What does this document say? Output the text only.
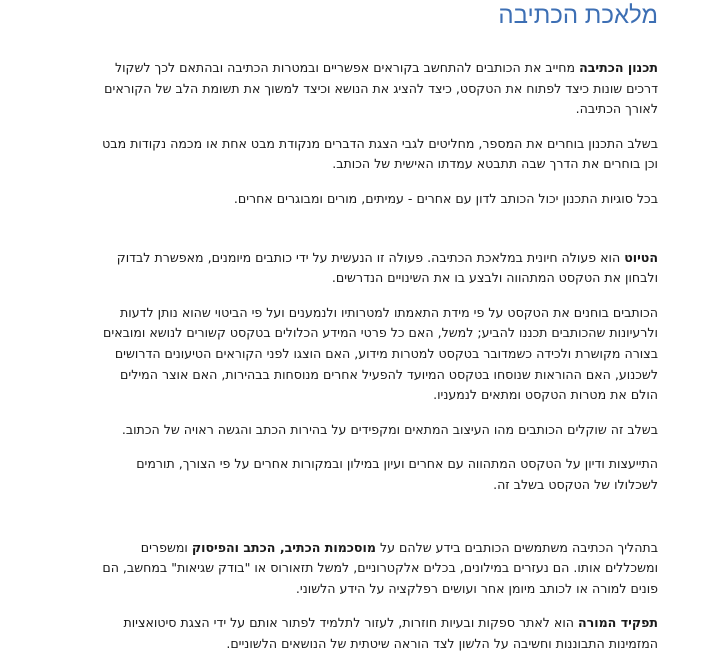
מלאכת הכתיבה

תכנון הכתיבה מחייב את הכותבים להתחשב בקוראים אפשריים ובמטרות הכתיבה ובהתאם לכך לשקול דרכים שונות כיצד לפתוח את הטקסט, כיצד להציג את הנושא וכיצד למשוך את תשומת הלב של הקוראים לאורך הכתיבה.

בשלב התכנון בוחרים את המספר, מחליטים לגבי הצגת הדברים מנקודת מבט אחת או מכמה נקודות מבט וכן בוחרים את הדרך שבה תתבטא עמדתו האישית של הכותב.

בכל סוגיות התכנון יכול הכותב לדון עם אחרים - עמיתים, מורים ומבוגרים אחרים.

הטיוט הוא פעולה חיונית במלאכת הכתיבה. פעולה זו הנעשית על ידי כותבים מיומנים, מאפשרת לבדוק ולבחון את הטקסט המתהווה ולבצע בו את השינויים הנדרשים.

הכותבים בוחנים את הטקסט על פי מידת התאמתו למטרותיו ולנמענים ועל פי הביטוי שהוא נותן לדעות ולרעיונות שהכותבים תכננו להביע; למשל, האם כל פרטי המידע הכלולים בטקסט קשורים לנושא ומובאים בצורה מקושרת ולכידה כשמדובר בטקסט למטרות מידוע, האם הוצגו לפני הקוראים הטיעונים הדרושים לשכנוע, האם ההוראות שנוסחו בטקסט המיועד להפעיל אחרים מנוסחות בבהירות, האם אוצר המילים הולם את מטרות הטקסט ומתאים לנמעניו.

בשלב זה שוקלים הכותבים מהו העיצוב המתאים ומקפידים על בהירות הכתב והגשה ראויה של הכתוב.

התייעצות ודיון על הטקסט המתהווה עם אחרים ועיון במילון ובמקורות אחרים על פי הצורך, תורמים לשכלולו של הטקסט בשלב זה.

בתהליך הכתיבה משתמשים הכותבים בידע שלהם על מוסכמות הכתיב, הכתב והפיסוק ומשפרים ומשכללים אותו. הם נעזרים במילונים, בכלים אלקטרוניים, למשל תזאורוס או "בודק שגיאות" במחשב, הם פונים למורה או לכותב מיומן אחר ועושים רפלקציה על הידע הלשוני.

תפקיד המורה הוא לאתר ספקות ובעיות חוזרות, לעזור לתלמיד לפתור אותם על ידי הצגת סיטואציות המזמינות התבוננות וחשיבה על הלשון לצד הוראה שיטתית של הנושאים הלשוניים.
